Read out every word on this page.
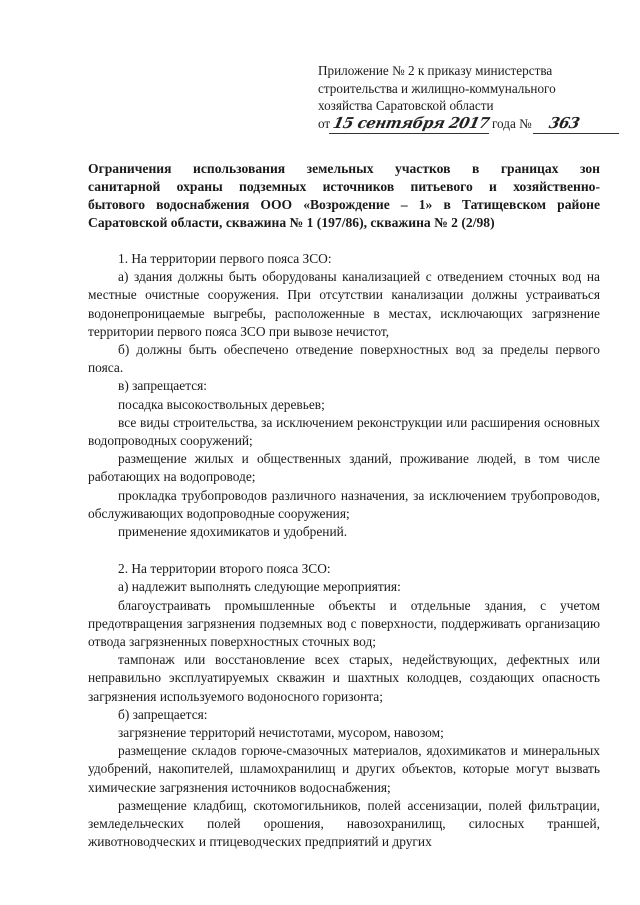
Приложение № 2 к приказу министерства
строительства и жилищно-коммунального
хозяйства Саратовской области
от15 сентября 2017года № 363
Ограничения использования земельных участков в границах зон
санитарной охраны подземных источников питьевого и хозяйственно-
бытового водоснабжения ООО «Возрождение – 1» в Татищевском районе
Саратовской области, скважина № 1 (197/86), скважина № 2 (2/98)

1. На территории первого пояса ЗСО:

а) здания должны быть оборудованы канализацией с отведением сточных вод на местные очистные сооружения. При отсутствии канализации должны устраиваться водонепроницаемые выгребы, расположенные в местах, исключающих загрязнение территории первого пояса ЗСО при вывозе нечистот,

б) должны быть обеспечено отведение поверхностных вод за пределы первого пояса.

в) запрещается:

посадка высокоствольных деревьев;

все виды строительства, за исключением реконструкции или расширения основных водопроводных сооружений;

размещение жилых и общественных зданий, проживание людей, в том числе работающих на водопроводе;

прокладка трубопроводов различного назначения, за исключением трубопроводов, обслуживающих водопроводные сооружения;

применение ядохимикатов и удобрений.

2. На территории второго пояса ЗСО:

а) надлежит выполнять следующие мероприятия:

благоустраивать промышленные объекты и отдельные здания, с учетом предотвращения загрязнения подземных вод с поверхности, поддерживать организацию отвода загрязненных поверхностных сточных вод;

тампонаж или восстановление всех старых, недействующих, дефектных или неправильно эксплуатируемых скважин и шахтных колодцев, создающих опасность загрязнения используемого водоносного горизонта;

б) запрещается:

загрязнение территорий нечистотами, мусором, навозом;

размещение складов горюче-смазочных материалов, ядохимикатов и минеральных удобрений, накопителей, шламохранилищ и других объектов, которые могут вызвать химические загрязнения источников водоснабжения;

размещение кладбищ, скотомогильников, полей ассенизации, полей фильтрации, земледельческих полей орошения, навозохранилищ, силосных траншей, животноводческих и птицеводческих предприятий и других
